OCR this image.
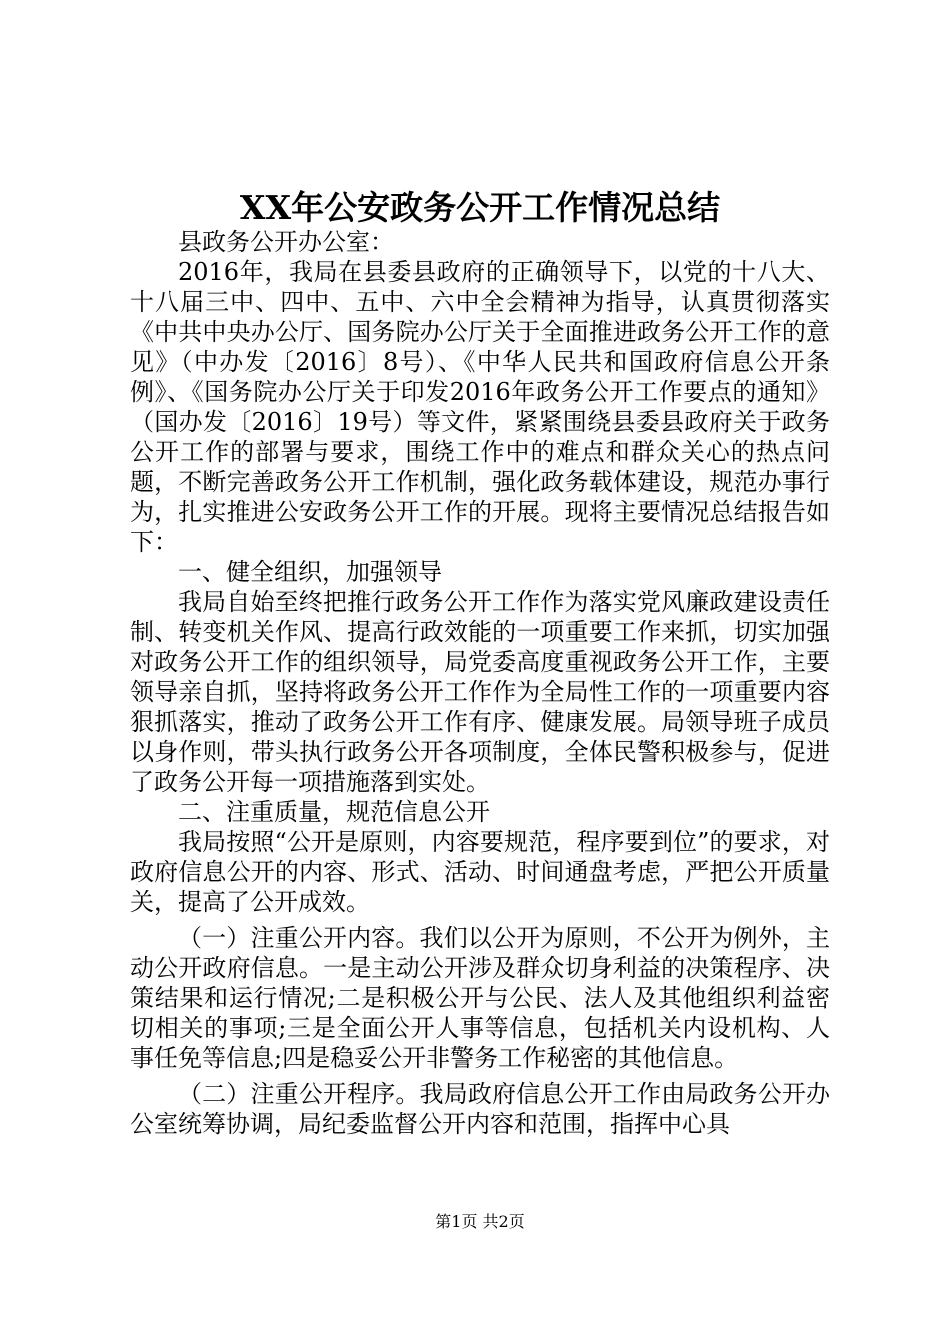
XX年公安政务公开工作情况总结

县政务公开办公室：

2016年，我局在县委县政府的正确领导下，以党的十八大、十八届三中、四中、五中、六中全会精神为指导，认真贯彻落实《中共中央办公厅、国务院办公厅关于全面推进政务公开工作的意见》（中办发〔2016〕8号）、《中华人民共和国政府信息公开条例》、《国务院办公厅关于印发2016年政务公开工作要点的通知》（国办发〔2016〕19号）等文件，紧紧围绕县委县政府关于政务公开工作的部署与要求，围绕工作中的难点和群众关心的热点问题，不断完善政务公开工作机制，强化政务载体建设，规范办事行为，扎实推进公安政务公开工作的开展。现将主要情况总结报告如下：

一、健全组织，加强领导

我局自始至终把推行政务公开工作作为落实党风廉政建设责任制、转变机关作风、提高行政效能的一项重要工作来抓，切实加强对政务公开工作的组织领导，局党委高度重视政务公开工作，主要领导亲自抓，坚持将政务公开工作作为全局性工作的一项重要内容狠抓落实，推动了政务公开工作有序、健康发展。局领导班子成员以身作则，带头执行政务公开各项制度，全体民警积极参与，促进了政务公开每一项措施落到实处。

二、注重质量，规范信息公开

我局按照“公开是原则，内容要规范，程序要到位”的要求，对政府信息公开的内容、形式、活动、时间通盘考虑，严把公开质量关，提高了公开成效。

（一）注重公开内容。我们以公开为原则，不公开为例外，主动公开政府信息。一是主动公开涉及群众切身利益的决策程序、决策结果和运行情况;二是积极公开与公民、法人及其他组织利益密切相关的事项;三是全面公开人事等信息，包括机关内设机构、人事任免等信息;四是稳妥公开非警务工作秘密的其他信息。

（二）注重公开程序。我局政府信息公开工作由局政务公开办公室统筹协调，局纪委监督公开内容和范围，指挥中心具

第1页 共2页
